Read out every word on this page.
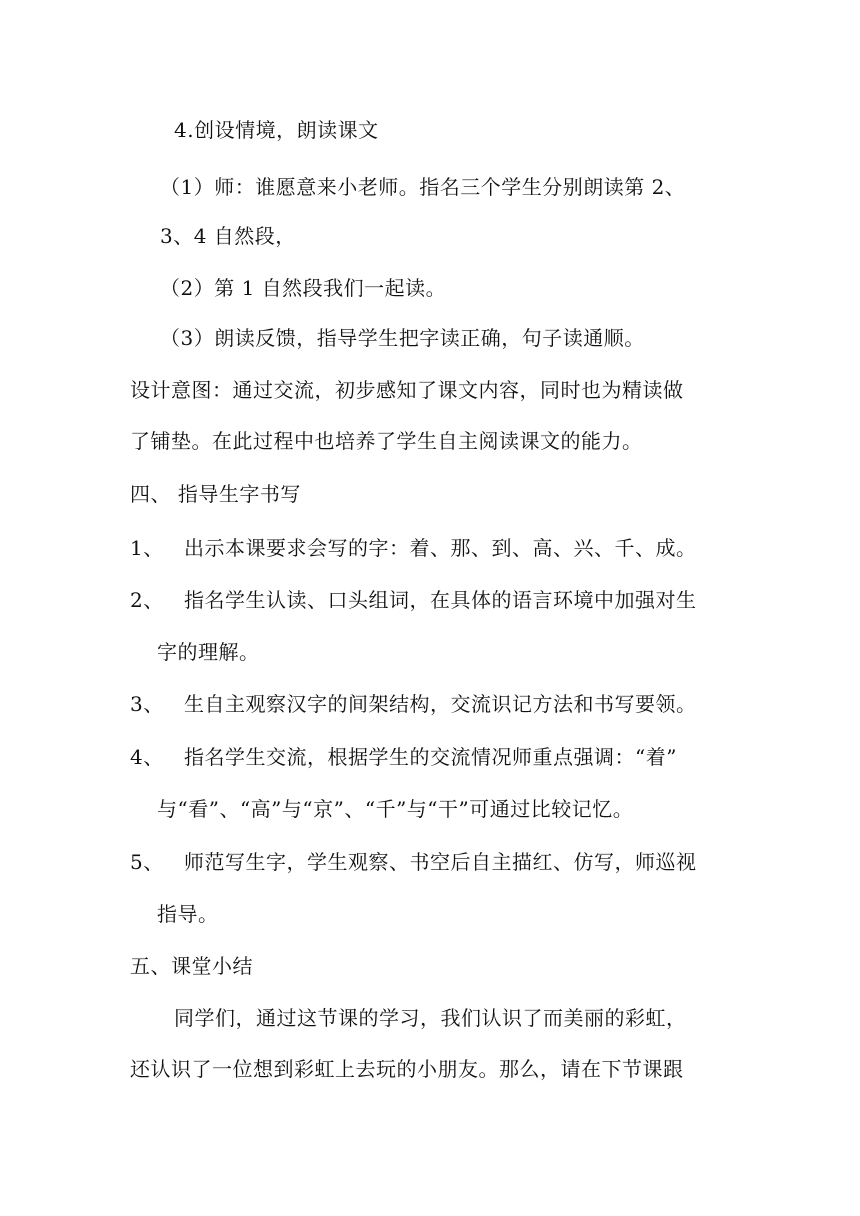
4.创设情境，朗读课文
（1）师：谁愿意来小老师。指名三个学生分别朗读第 2、
3、4 自然段，
（2）第 1 自然段我们一起读。
（3）朗读反馈，指导学生把字读正确，句子读通顺。
设计意图：通过交流，初步感知了课文内容，同时也为精读做
了铺垫。在此过程中也培养了学生自主阅读课文的能力。
四、 指导生字书写
1、 出示本课要求会写的字：着、那、到、高、兴、千、成。
2、 指名学生认读、口头组词，在具体的语言环境中加强对生
字的理解。
3、 生自主观察汉字的间架结构，交流识记方法和书写要领。
4、 指名学生交流，根据学生的交流情况师重点强调：“着”
与“看”、“高”与“京”、“千”与“干”可通过比较记忆。
5、 师范写生字，学生观察、书空后自主描红、仿写，师巡视
指导。
五、课堂小结
同学们，通过这节课的学习，我们认识了而美丽的彩虹，
还认识了一位想到彩虹上去玩的小朋友。那么，请在下节课跟
